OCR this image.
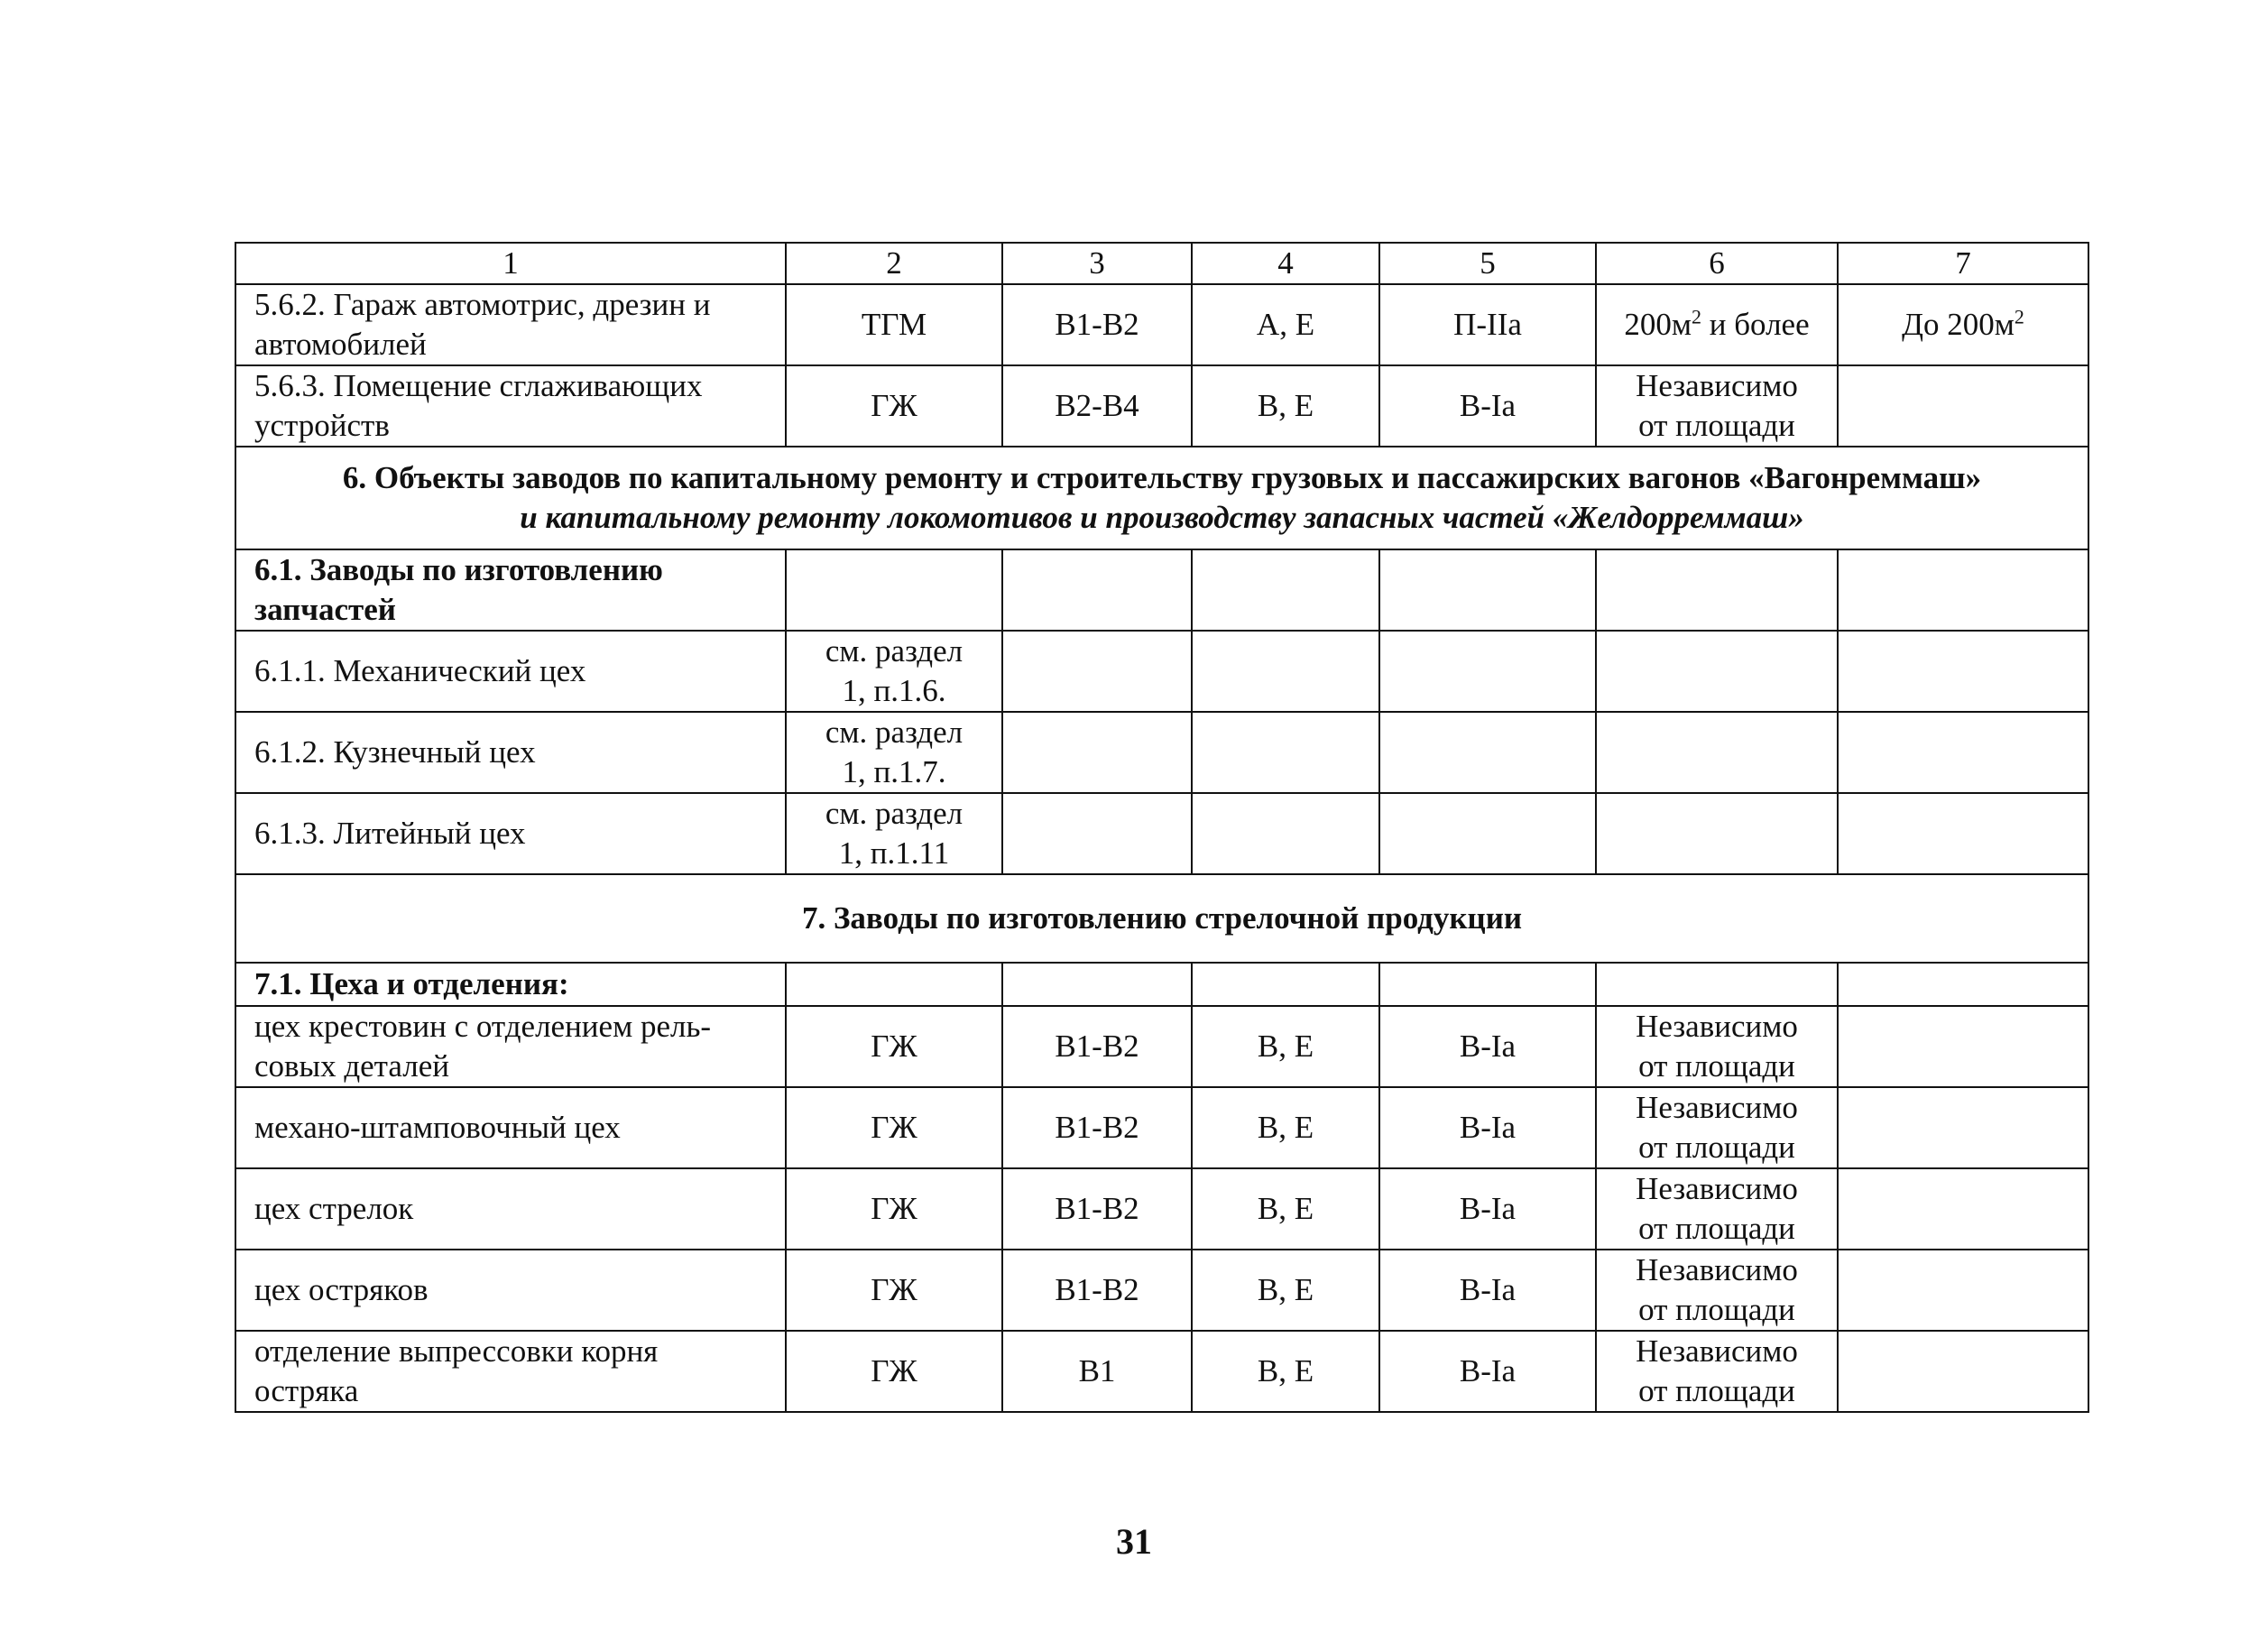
1	2	3	4	5	6	7
5.6.2. Гараж автомотрис, дрезин и
автомобилей	ТГМ	В1-В2	А, Е	П-IIа	$200м^2$ и более	До $200м^2$
5.6.3. Помещение сглаживающих
устройств	ГЖ	В2-В4	В, Е	В-Iа	Независимо
от площади	
6. Объекты заводов по капитальному ремонту и строительству грузовых и пассажирских вагонов «Вагонреммаш»
и капитальному ремонту локомотивов и производству запасных частей «Желдорреммаш»						
6.1. Заводы по изготовлению
запчастей						
6.1.1. Механический цех	см. раздел
1, п.1.6.					
6.1.2. Кузнечный цех	см. раздел
1, п.1.7.					
6.1.3. Литейный цех	см. раздел
1, п.1.11					
7. Заводы по изготовлению стрелочной продукции						
7.1. Цеха и отделения:						
цех крестовин с отделением рель-
совых деталей	ГЖ	В1-В2	В, Е	В-Iа	Независимо
от площади	
механо-штамповочный цех	ГЖ	В1-В2	В, Е	В-Iа	Независимо
от площади	
цех стрелок	ГЖ	В1-В2	В, Е	В-Iа	Независимо
от площади	
цех остряков	ГЖ	В1-В2	В, Е	В-Iа	Независимо
от площади	
отделение выпрессовки корня
остряка	ГЖ	В1	В, Е	В-Iа	Независимо
от площади	
31
